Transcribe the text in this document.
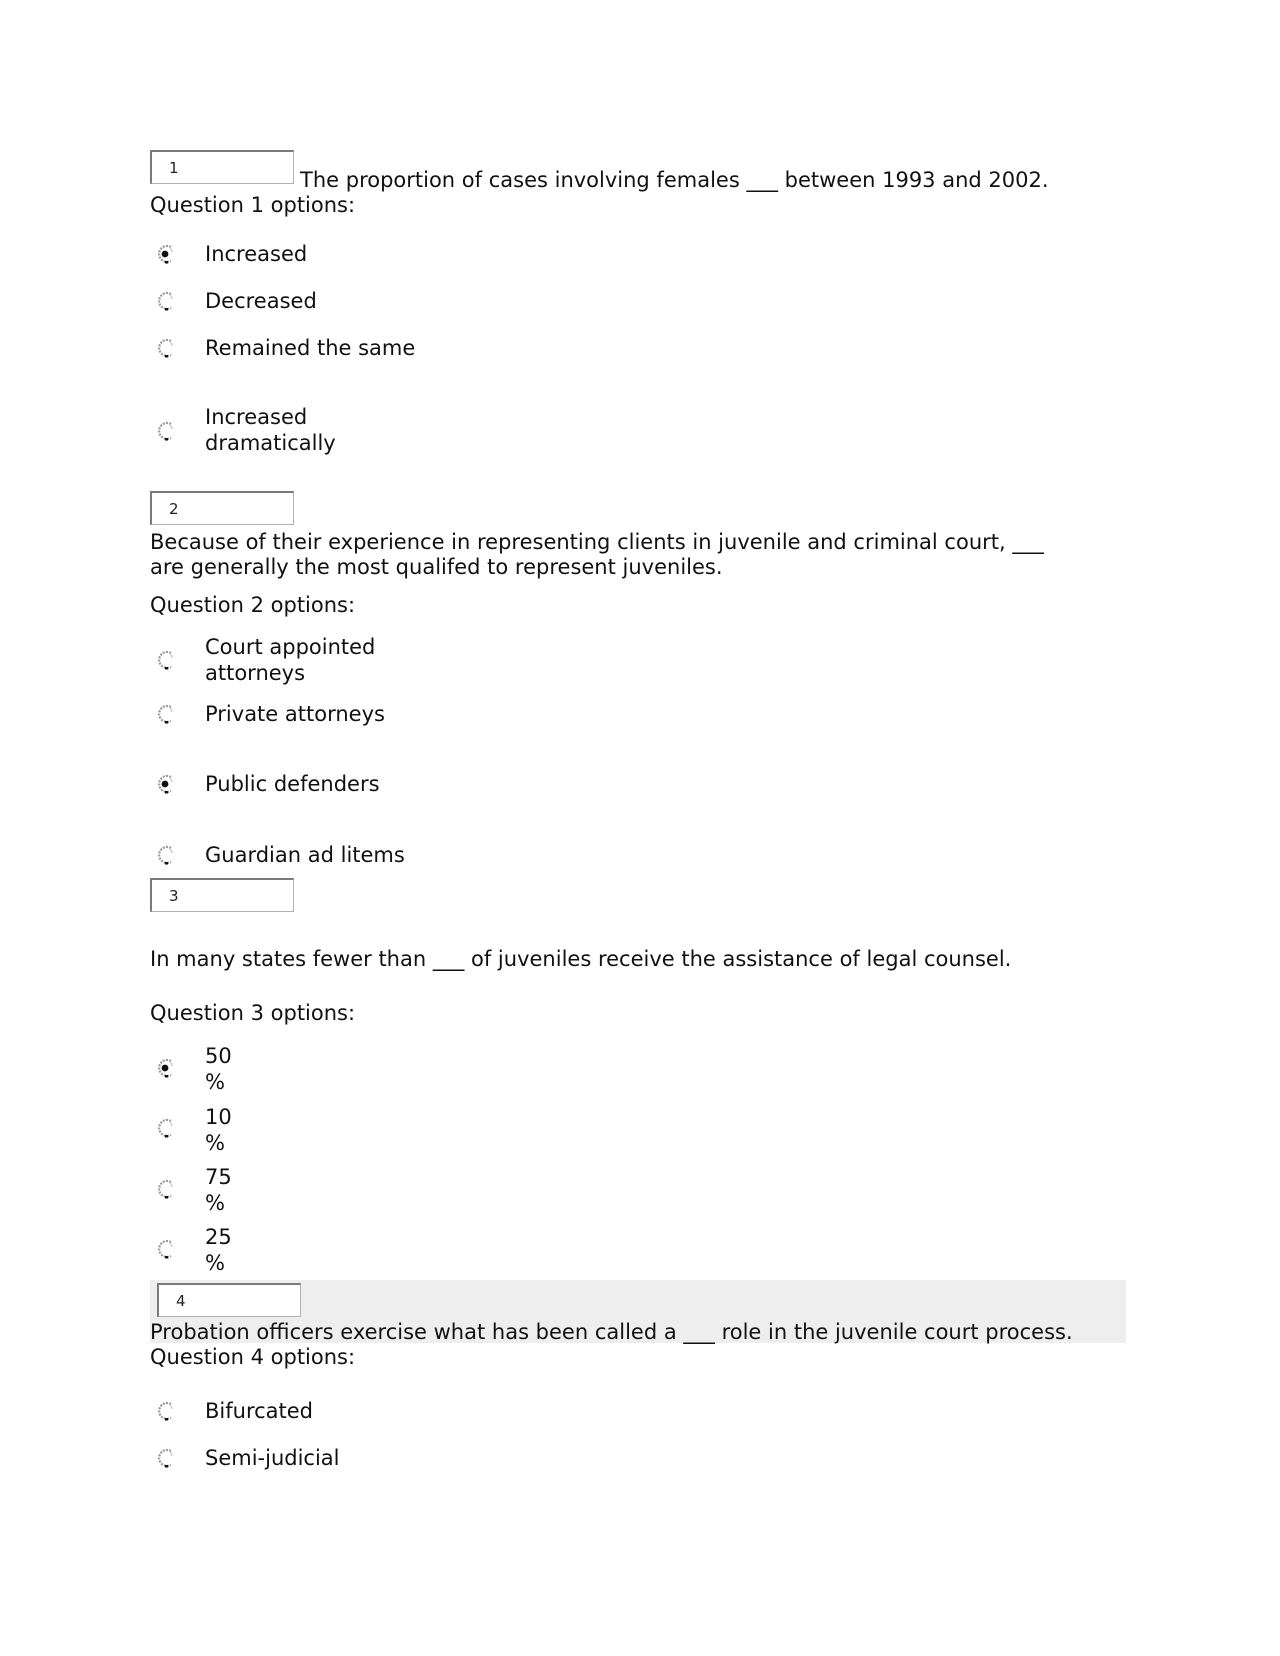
1	The proportion of cases involving females ___ between 1993 and 2002.
Question 1 options:
Increased
Decreased
Remained the same
Increased
dramatically
2
Because of their experience in representing clients in juvenile and criminal court, ___
are generally the most qualifed to represent juveniles.
Question 2 options:
Court appointed
attorneys
Private attorneys
Public defenders
Guardian ad litems
3
In many states fewer than ___ of juveniles receive the assistance of legal counsel.
Question 3 options:
50
%
10
%
75
%
25
%
4
Probation officers exercise what has been called a ___ role in the juvenile court process.
Question 4 options:
Bifurcated
Semi-judicial
